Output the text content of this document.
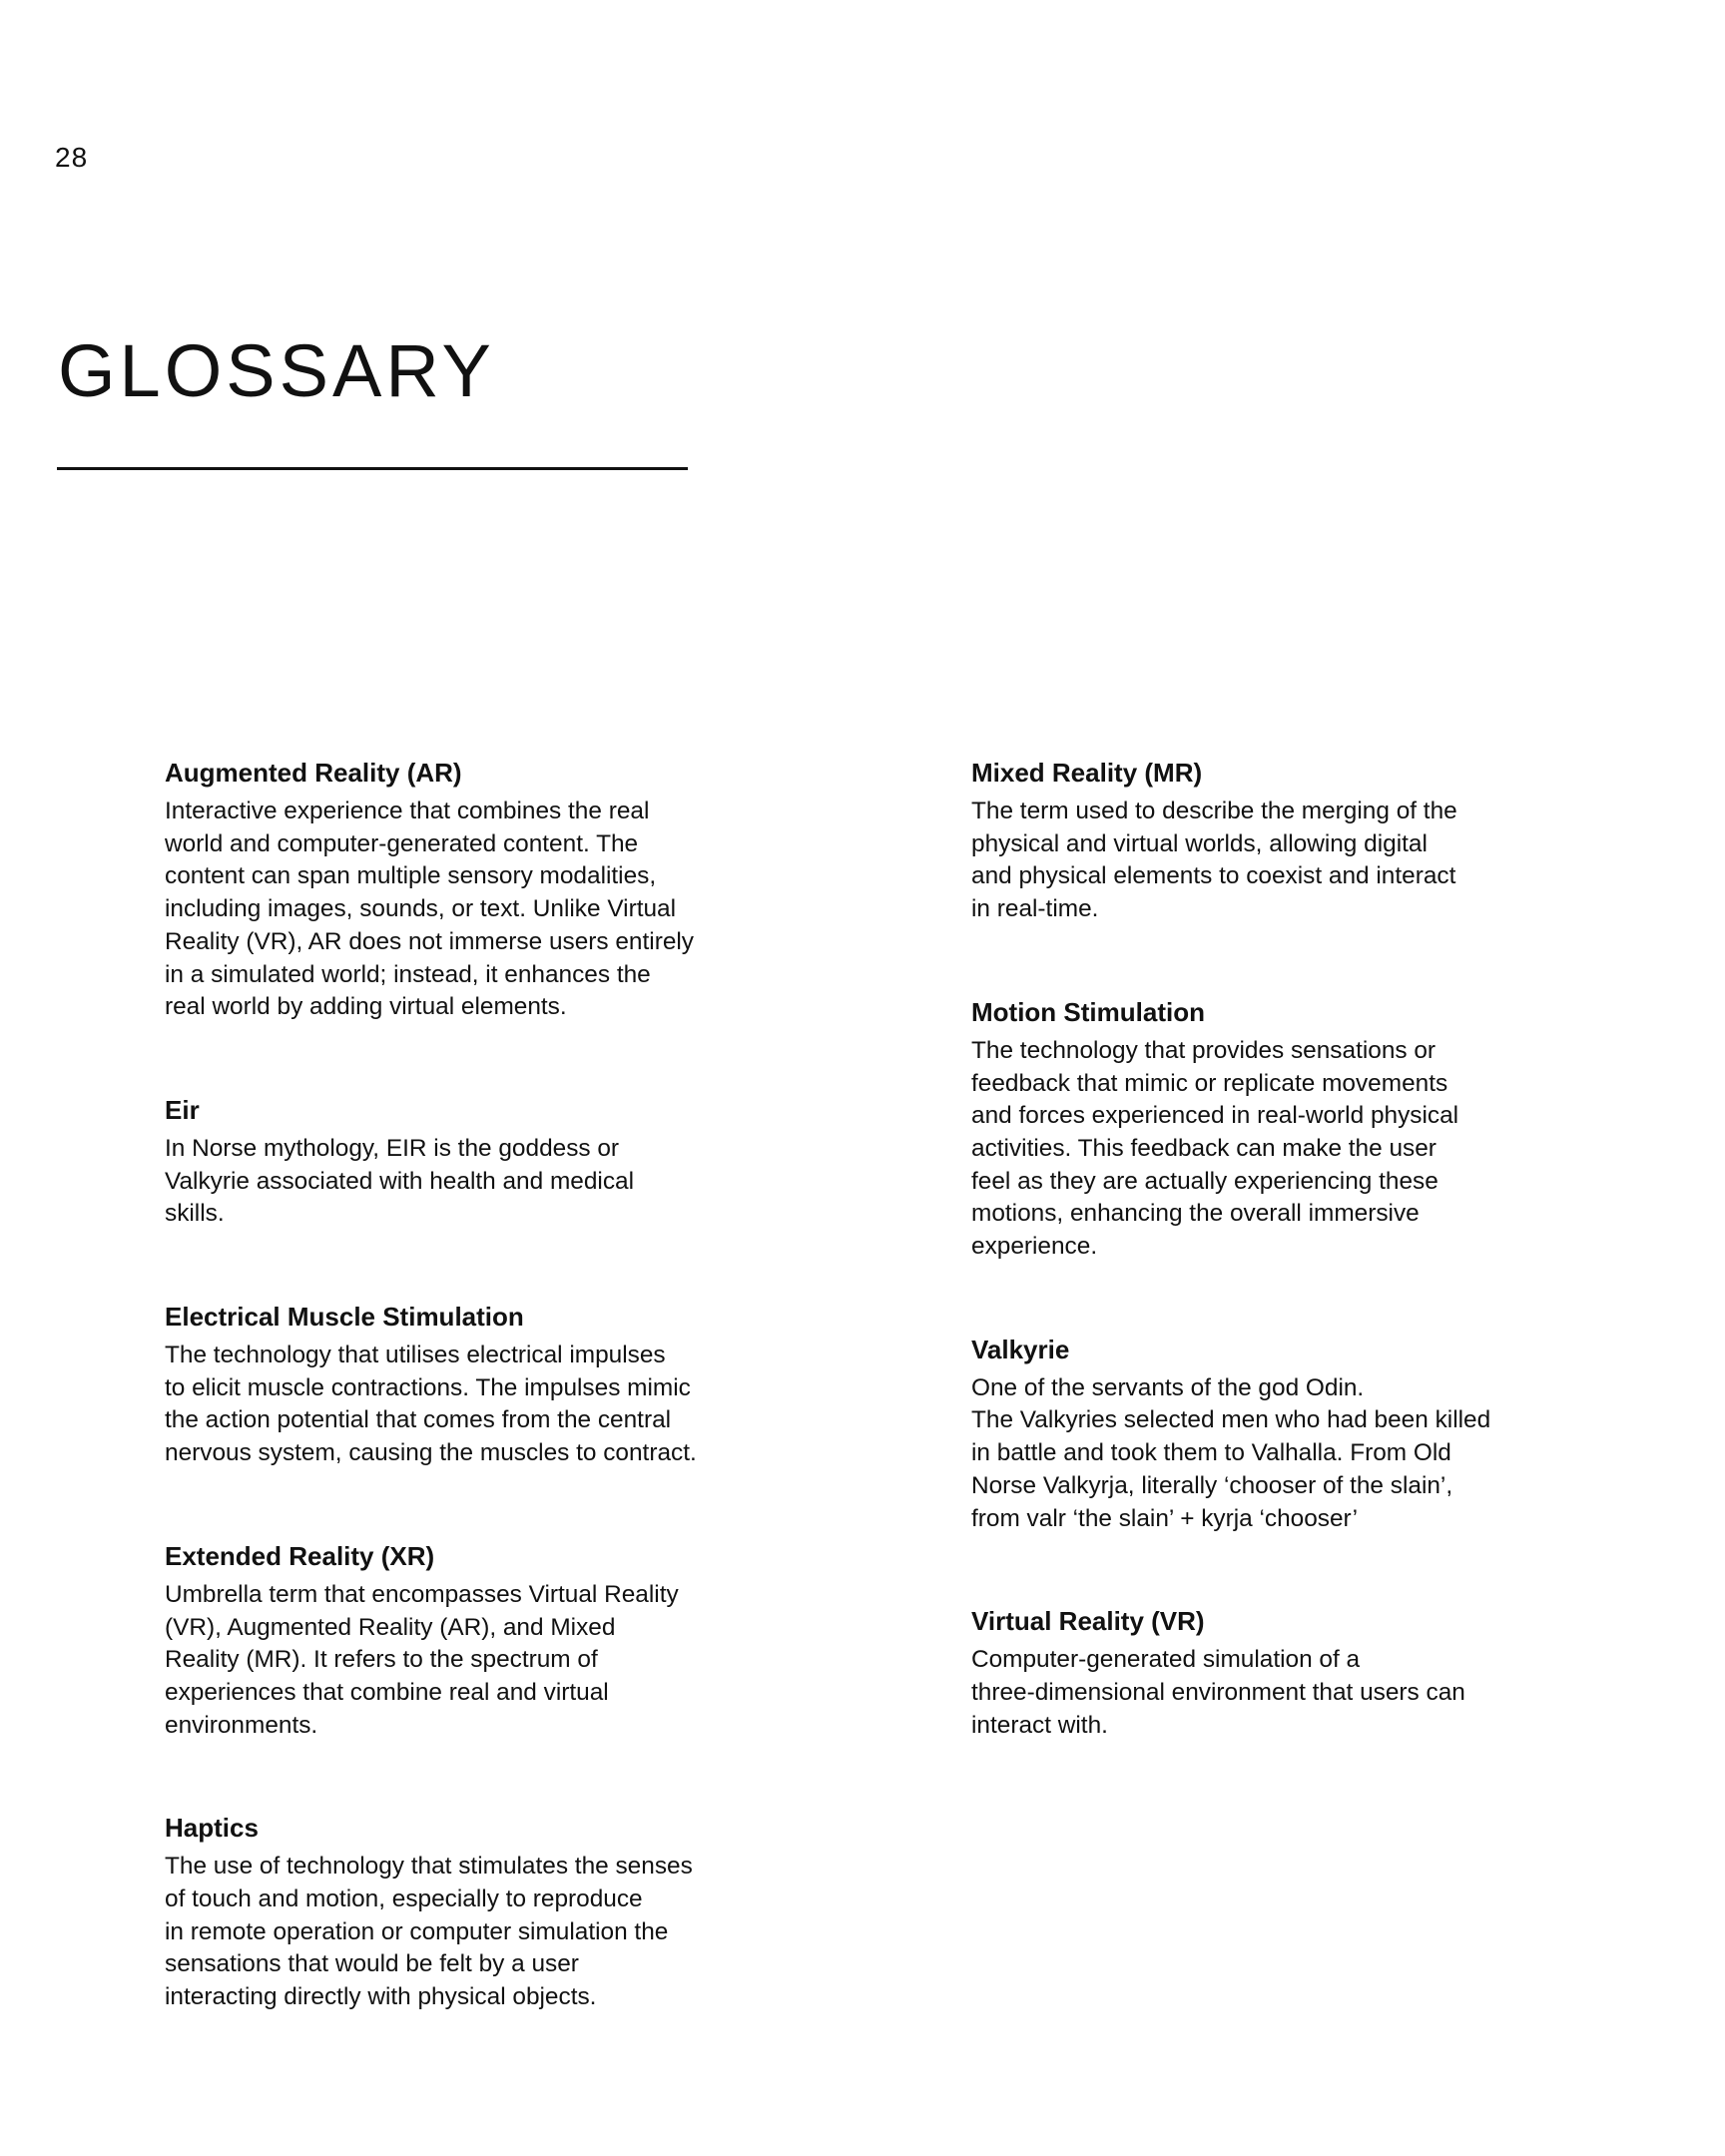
28
GLOSSARY

Augmented Reality (AR)

Interactive experience that combines the real
world and computer-generated content. The
content can span multiple sensory modalities,
including images, sounds, or text. Unlike Virtual
Reality (VR), AR does not immerse users entirely
in a simulated world; instead, it enhances the
real world by adding virtual elements.

Eir

In Norse mythology, EIR is the goddess or
Valkyrie associated with health and medical
skills.

Electrical Muscle Stimulation

The technology that utilises electrical impulses
to elicit muscle contractions. The impulses mimic
the action potential that comes from the central
nervous system, causing the muscles to contract.

Extended Reality (XR)

Umbrella term that encompasses Virtual Reality
(VR), Augmented Reality (AR), and Mixed
Reality (MR). It refers to the spectrum of
experiences that combine real and virtual
environments.

Haptics

The use of technology that stimulates the senses
of touch and motion, especially to reproduce
in remote operation or computer simulation the
sensations that would be felt by a user
interacting directly with physical objects.

Mixed Reality (MR)

The term used to describe the merging of the
physical and virtual worlds, allowing digital
and physical elements to coexist and interact
in real-time.

Motion Stimulation

The technology that provides sensations or
feedback that mimic or replicate movements
and forces experienced in real-world physical
activities. This feedback can make the user
feel as they are actually experiencing these
motions, enhancing the overall immersive
experience.

Valkyrie

One of the servants of the god Odin.
The Valkyries selected men who had been killed
in battle and took them to Valhalla. From Old
Norse Valkyrja, literally ‘chooser of the slain’,
from valr ‘the slain’ + kyrja ‘chooser’

Virtual Reality (VR)

Computer-generated simulation of a
three-dimensional environment that users can
interact with.
